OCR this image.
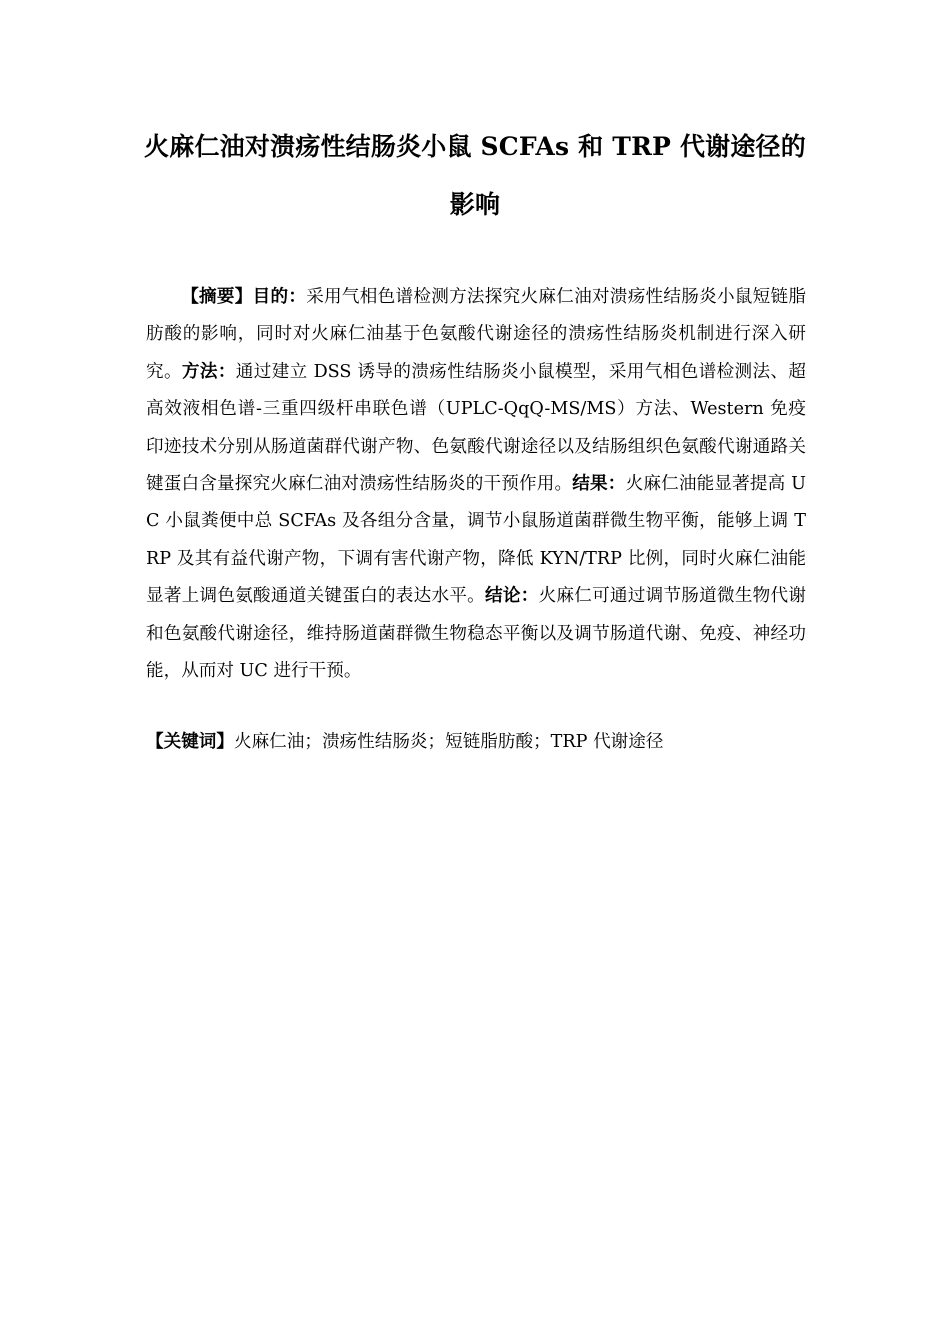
火麻仁油对溃疡性结肠炎小鼠 SCFAs 和 TRP 代谢途径的影响

【摘要】目的：采用气相色谱检测方法探究火麻仁油对溃疡性结肠炎小鼠短链脂肪酸的影响，同时对火麻仁油基于色氨酸代谢途径的溃疡性结肠炎机制进行深入研究。方法：通过建立 DSS 诱导的溃疡性结肠炎小鼠模型，采用气相色谱检测法、超高效液相色谱-三重四级杆串联色谱（UPLC-QqQ-MS/MS）方法、Western 免疫印迹技术分别从肠道菌群代谢产物、色氨酸代谢途径以及结肠组织色氨酸代谢通路关键蛋白含量探究火麻仁油对溃疡性结肠炎的干预作用。结果：火麻仁油能显著提高 UC 小鼠粪便中总 SCFAs 及各组分含量，调节小鼠肠道菌群微生物平衡，能够上调 TRP 及其有益代谢产物，下调有害代谢产物，降低 KYN/TRP 比例，同时火麻仁油能显著上调色氨酸通道关键蛋白的表达水平。结论：火麻仁可通过调节肠道微生物代谢和色氨酸代谢途径，维持肠道菌群微生物稳态平衡以及调节肠道代谢、免疫、神经功能，从而对 UC 进行干预。

【关键词】火麻仁油；溃疡性结肠炎；短链脂肪酸；TRP 代谢途径
